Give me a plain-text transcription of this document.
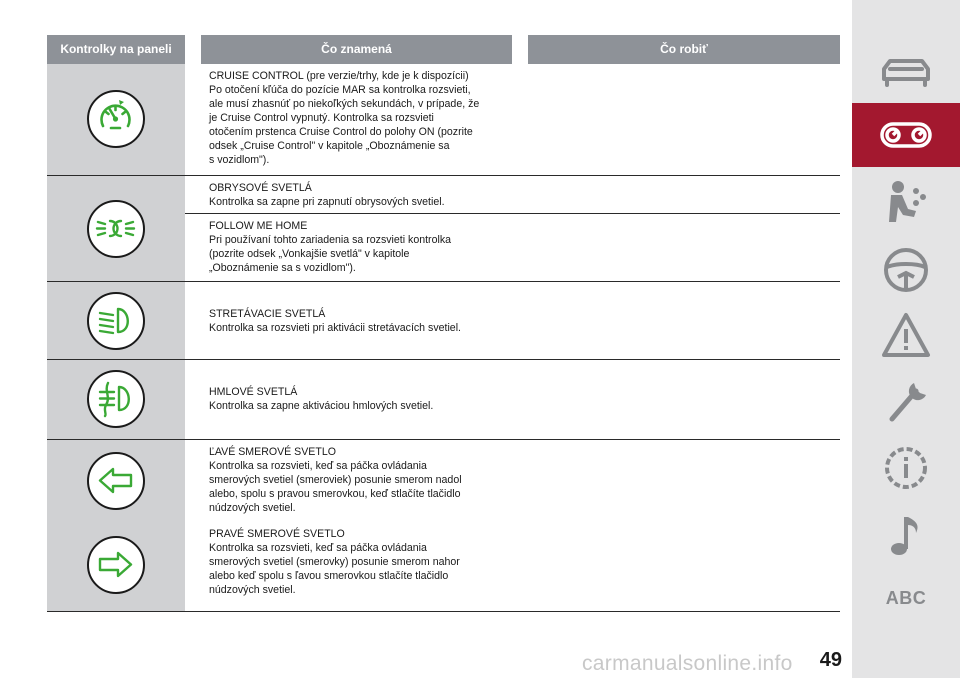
Kontrolky na paneli	Čo znamená	Čo robiť
CRUISE CONTROL (pre verzie/trhy, kde je k dispozícii)
Po otočení kľúča do pozície MAR sa kontrolka rozsvieti,
ale musí zhasnúť po niekoľkých sekundách, v prípade, že
je Cruise Control vypnutý. Kontrolka sa rozsvieti
otočením prstenca Cruise Control do polohy ON (pozrite
odsek „Cruise Control" v kapitole „Oboznámenie sa
s vozidlom").
OBRYSOVÉ SVETLÁ
Kontrolka sa zapne pri zapnutí obrysových svetiel.
FOLLOW ME HOME
Pri používaní tohto zariadenia sa rozsvieti kontrolka
(pozrite odsek „Vonkajšie svetlá" v kapitole
„Oboznámenie sa s vozidlom").
STRETÁVACIE SVETLÁ
Kontrolka sa rozsvieti pri aktivácii stretávacích svetiel.
HMLOVÉ SVETLÁ
Kontrolka sa zapne aktiváciou hmlových svetiel.
ĽAVÉ SMEROVÉ SVETLO
Kontrolka sa rozsvieti, keď sa páčka ovládania
smerových svetiel (smeroviek) posunie smerom nadol
alebo, spolu s pravou smerovkou, keď stlačíte tlačidlo
núdzových svetiel.
PRAVÉ SMEROVÉ SVETLO
Kontrolka sa rozsvieti, keď sa páčka ovládania
smerových svetiel (smerovky) posunie smerom nahor
alebo keď spolu s ľavou smerovkou stlačíte tlačidlo
núdzových svetiel.	ABC
49
carmanualsonline.info
